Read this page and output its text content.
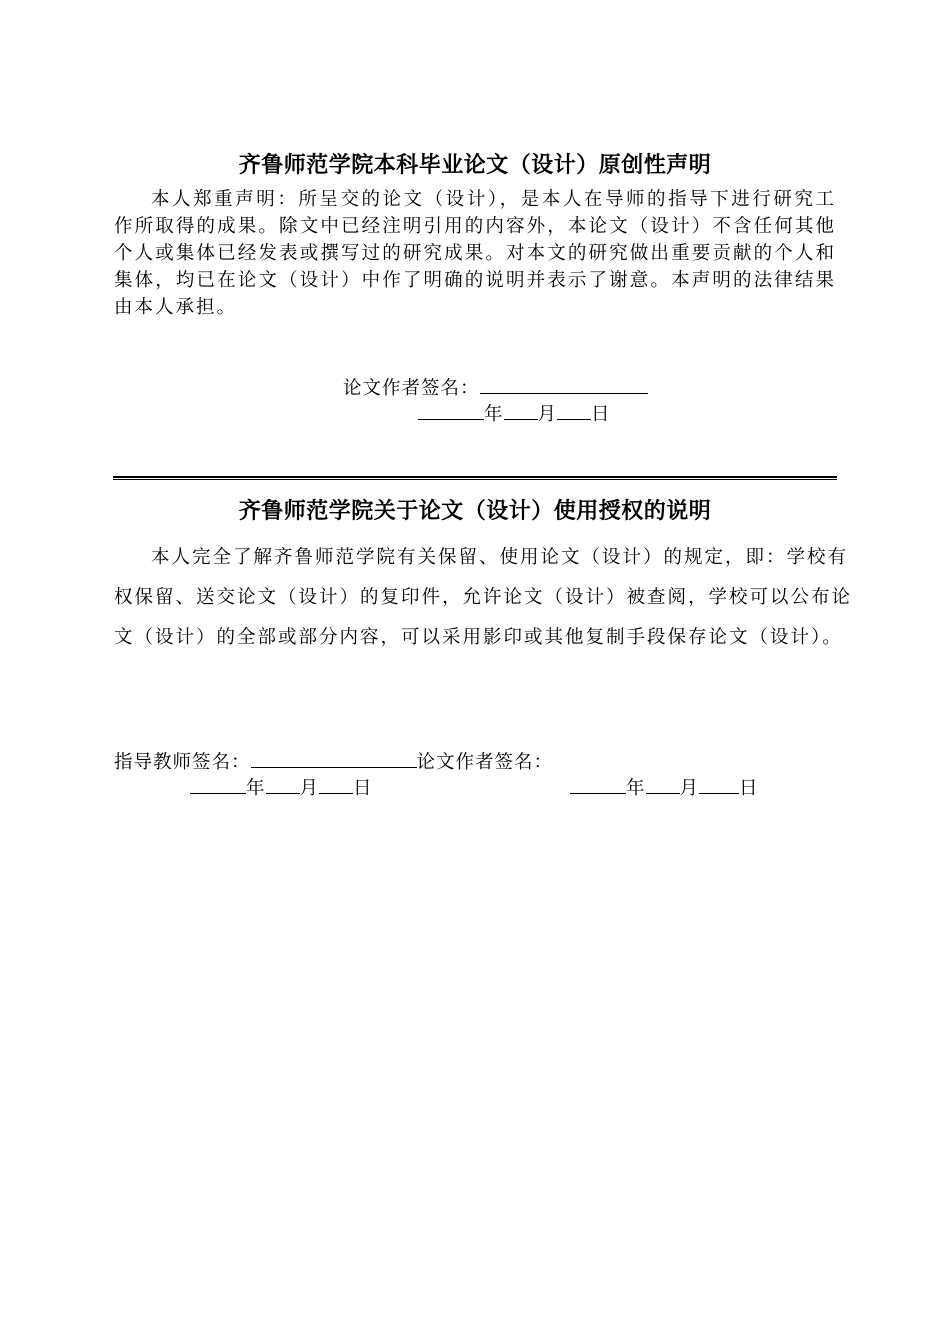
齐鲁师范学院本科毕业论文（设计）原创性声明
本人郑重声明：所呈交的论文（设计），是本人在导师的指导下进行研究工作所取得的成果。除文中已经注明引用的内容外，本论文（设计）不含任何其他个人或集体已经发表或撰写过的研究成果。对本文的研究做出重要贡献的个人和集体，均已在论文（设计）中作了明确的说明并表示了谢意。本声明的法律结果由本人承担。
论文作者签名：
年 月 日
齐鲁师范学院关于论文（设计）使用授权的说明
本人完全了解齐鲁师范学院有关保留、使用论文（设计）的规定，即：学校有权保留、送交论文（设计）的复印件，允许论文（设计）被查阅，学校可以公布论文（设计）的全部或部分内容，可以采用影印或其他复制手段保存论文（设计）。
指导教师签名：	论文作者签名：
年 月 日	年 月 日
